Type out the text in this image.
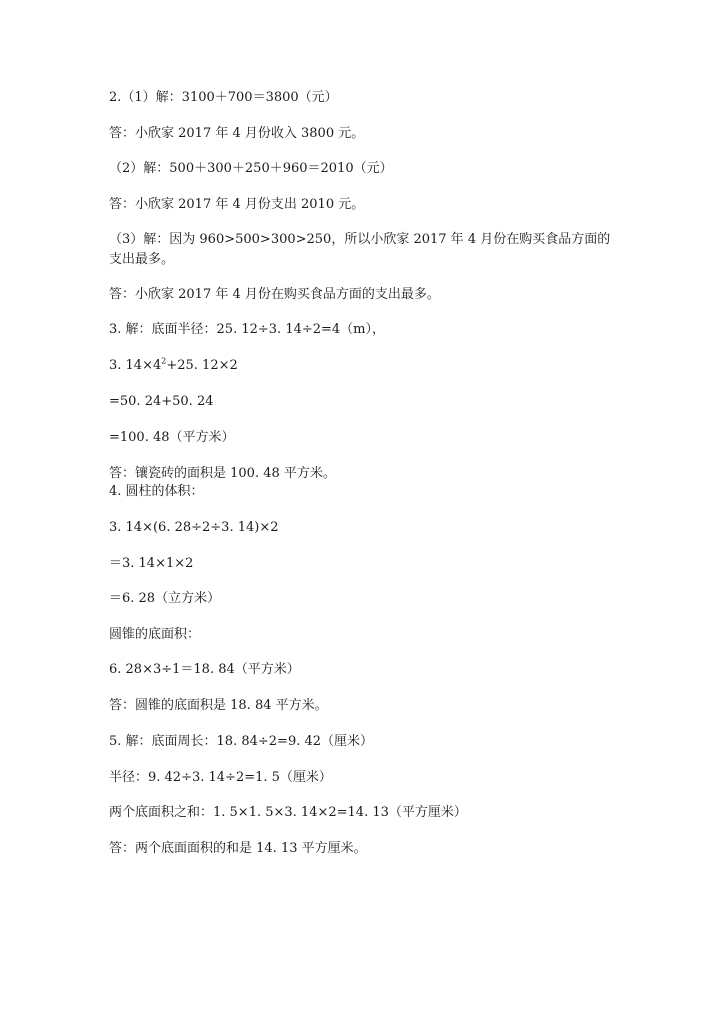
2.（1）解：3100＋700＝3800（元）
答：小欣家 2017 年 4 月份收入 3800 元。
（2）解：500＋300＋250＋960＝2010（元）
答：小欣家 2017 年 4 月份支出 2010 元。
（3）解：因为 960>500>300>250，所以小欣家 2017 年 4 月份在购买食品方面的支出最多。
答：小欣家 2017 年 4 月份在购买食品方面的支出最多。
3. 解：底面半径：25. 12÷3. 14÷2=4（m），
3. $14\times 4^2+25$. 12×2
=50. 24+50. 24
=100. 48（平方米）
答：镶瓷砖的面积是 100. 48 平方米。
4. 圆柱的体积：
3. 14×(6. 28÷2÷3. 14)×2
＝3. 14×1×2
＝6. 28（立方米）
圆锥的底面积：
6. 28×3÷1＝18. 84（平方米）
答：圆锥的底面积是 18. 84 平方米。
5. 解：底面周长：18. 84÷2=9. 42（厘米）
半径：9. 42÷3. 14÷2=1. 5（厘米）
两个底面积之和：1. 5×1. 5×3. 14×2=14. 13（平方厘米）
答：两个底面面积的和是 14. 13 平方厘米。
